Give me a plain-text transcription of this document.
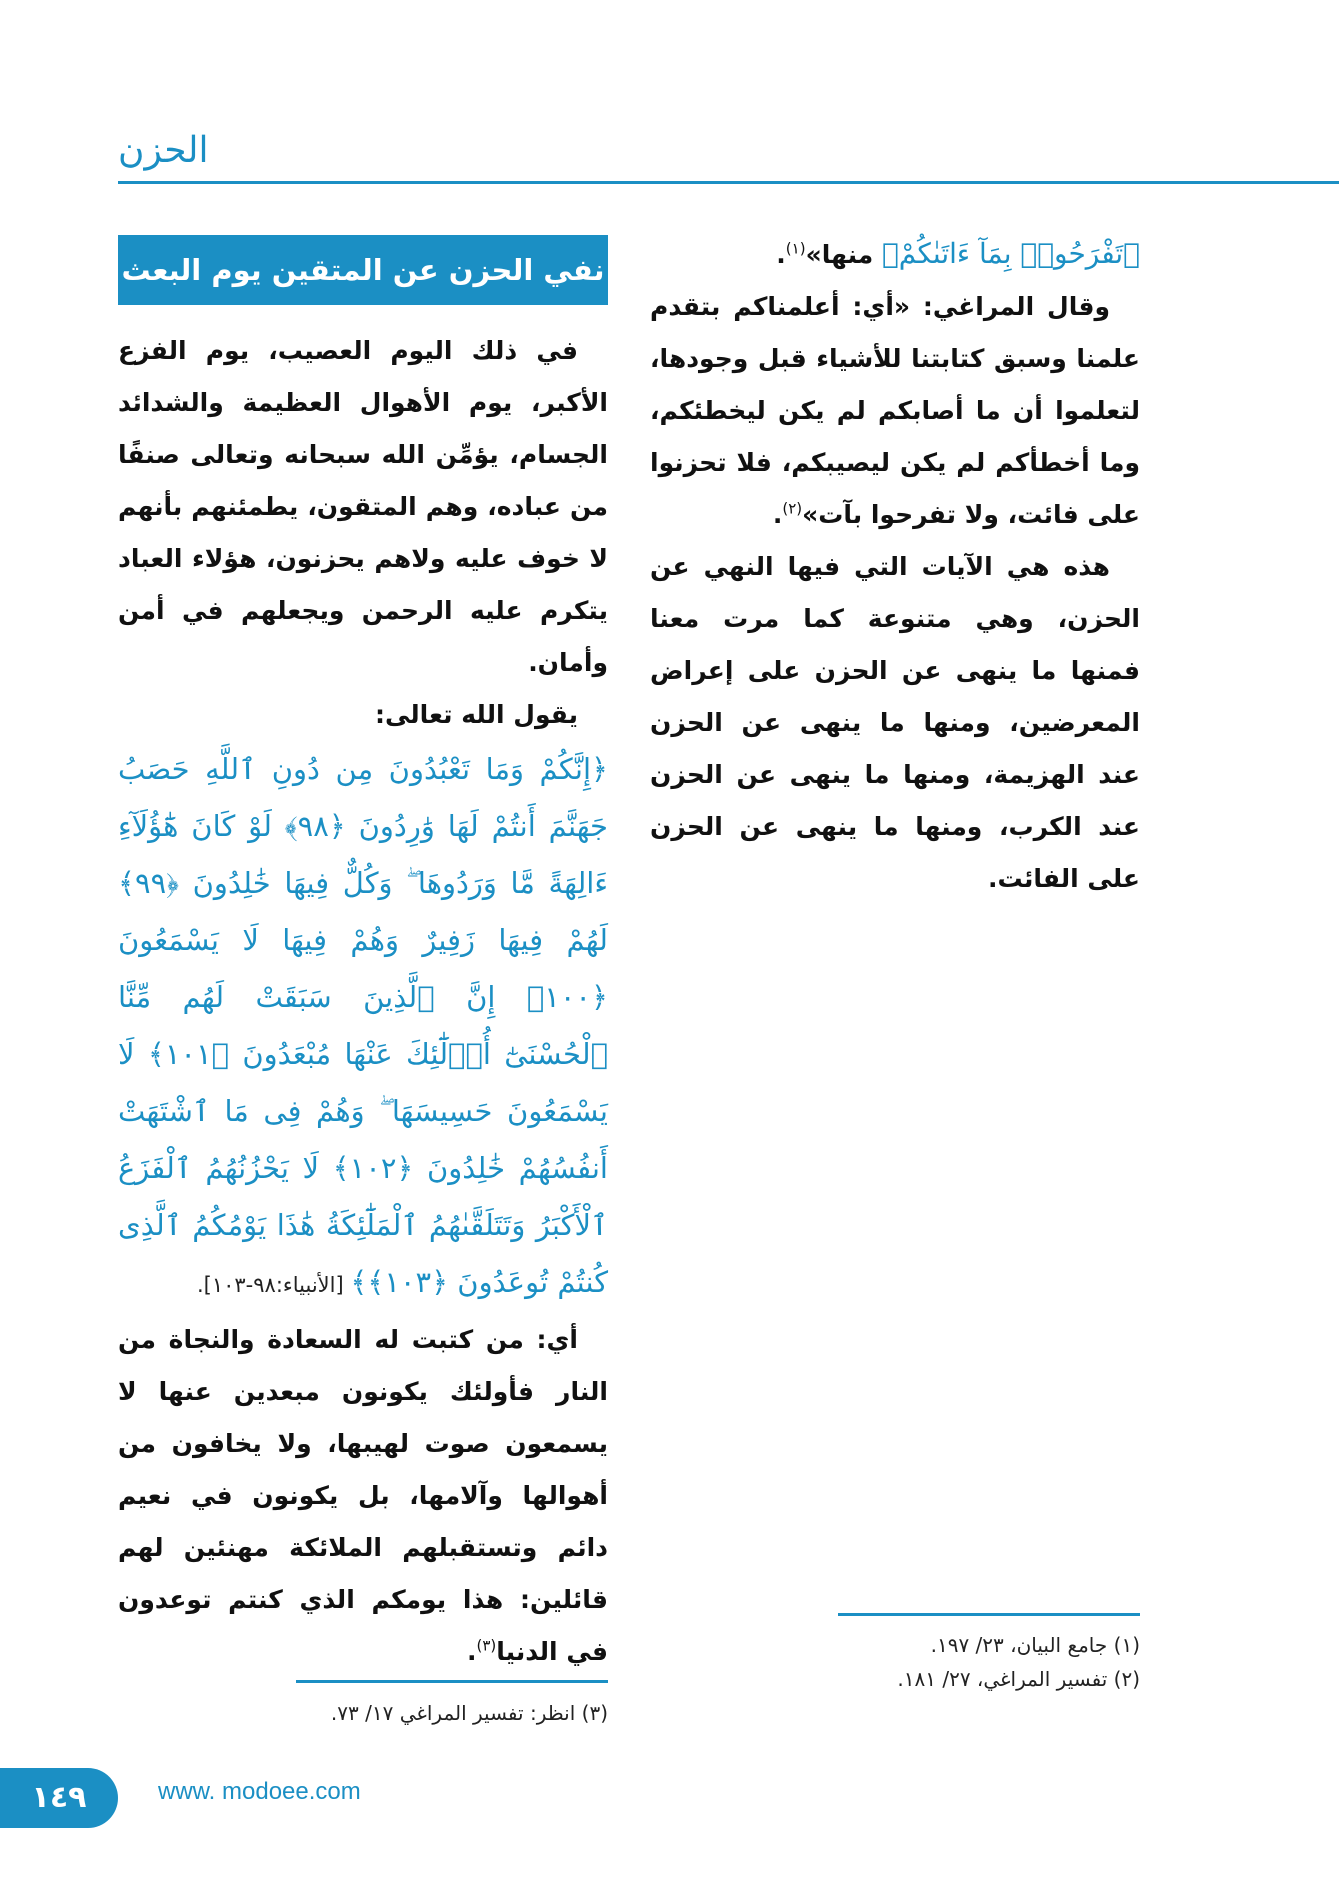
الحزن

﴿تَفْرَحُوا۟ بِمَآ ءَاتَىٰكُمْ﴾ منها»$^{(١)}$.

وقال المراغي: «أي: أعلمناكم بتقدم علمنا وسبق كتابتنا للأشياء قبل وجودها، لتعلموا أن ما أصابكم لم يكن ليخطئكم، وما أخطأكم لم يكن ليصيبكم، فلا تحزنوا على فائت، ولا تفرحوا بآت»$^{(٢)}$.

هذه هي الآيات التي فيها النهي عن الحزن، وهي متنوعة كما مرت معنا فمنها ما ينهى عن الحزن على إعراض المعرضين، ومنها ما ينهى عن الحزن عند الهزيمة، ومنها ما ينهى عن الحزن عند الكرب، ومنها ما ينهى عن الحزن على الفائت.

نفي الحزن عن المتقين يوم البعث

في ذلك اليوم العصيب، يوم الفزع الأكبر، يوم الأهوال العظيمة والشدائد الجسام، يؤمِّن الله سبحانه وتعالى صنفًا من عباده، وهم المتقون، يطمئنهم بأنهم لا خوف عليه ولاهم يحزنون، هؤلاء العباد يتكرم عليه الرحمن ويجعلهم في أمن وأمان.

يقول الله تعالى:

﴿إِنَّكُمْ وَمَا تَعْبُدُونَ مِن دُونِ ٱللَّهِ حَصَبُ جَهَنَّمَ أَنتُمْ لَهَا وَٰرِدُونَ ﴿٩٨﴾ لَوْ كَانَ هَٰٓؤُلَآءِ ءَالِهَةً مَّا وَرَدُوهَا ۖ وَكُلٌّ فِيهَا خَٰلِدُونَ ﴿٩٩﴾ لَهُمْ فِيهَا زَفِيرٌ وَهُمْ فِيهَا لَا يَسْمَعُونَ ﴿١٠٠﴾ إِنَّ ٱلَّذِينَ سَبَقَتْ لَهُم مِّنَّا ٱلْحُسْنَىٰٓ أُو۟لَٰٓئِكَ عَنْهَا مُبْعَدُونَ ﴿١٠١﴾ لَا يَسْمَعُونَ حَسِيسَهَا ۖ وَهُمْ فِى مَا ٱشْتَهَتْ أَنفُسُهُمْ خَٰلِدُونَ ﴿١٠٢﴾ لَا يَحْزُنُهُمُ ٱلْفَزَعُ ٱلْأَكْبَرُ وَتَتَلَقَّىٰهُمُ ٱلْمَلَٰٓئِكَةُ هَٰذَا يَوْمُكُمُ ٱلَّذِى كُنتُمْ تُوعَدُونَ ﴿١٠٣﴾﴾ [الأنبياء:٩٨-١٠٣].

أي: من كتبت له السعادة والنجاة من النار فأولئك يكونون مبعدين عنها لا يسمعون صوت لهيبها، ولا يخافون من أهوالها وآلامها، بل يكونون في نعيم دائم وتستقبلهم الملائكة مهنئين لهم قائلين: هذا يومكم الذي كنتم توعدون في الدنيا$^{(٣)}$.	(١) جامع البيان، ٢٣/ ١٩٧.
(٢) تفسير المراغي، ٢٧/ ١٨١.
(٣) انظر: تفسير المراغي ١٧/ ٧٣.
١٤٩	www. modoee.com
